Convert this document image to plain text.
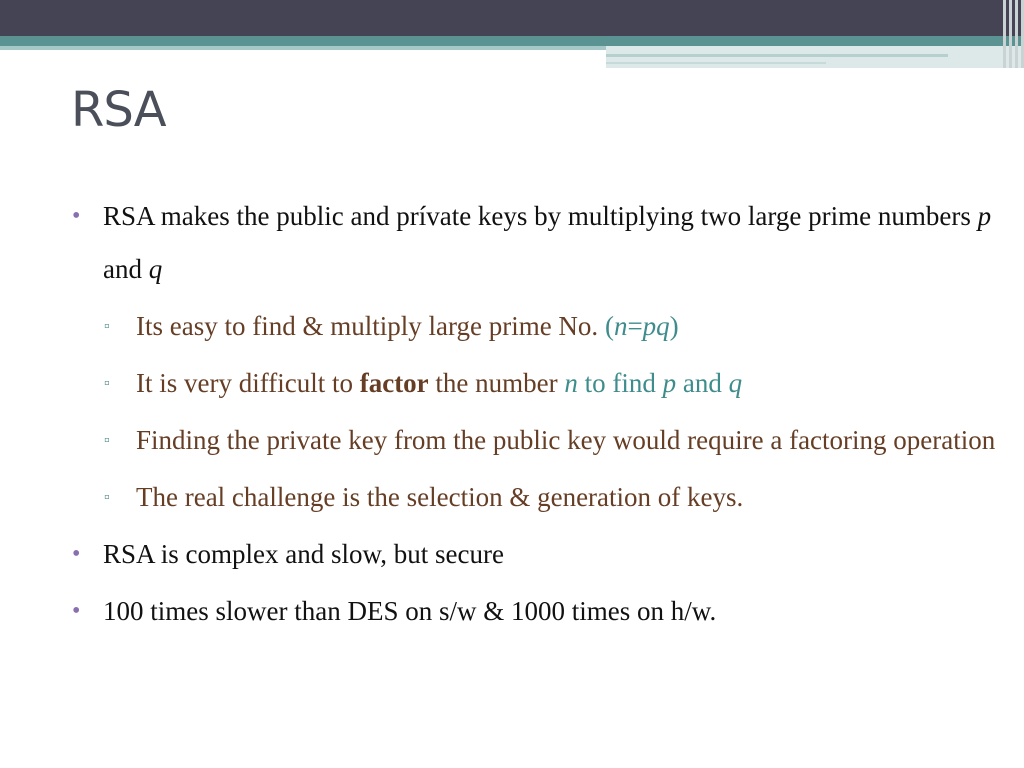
RSA
• RSA makes the public and prívate keys by multiplying two large prime numbers p and q
▫ Its easy to find & multiply large prime No. (n=pq)
▫ It is very difficult to factor the number n to find p and q
▫ Finding the private key from the public key would require a factoring operation
▫ The real challenge is the selection & generation of keys.
• RSA is complex and slow, but secure
• 100 times slower than DES on s/w & 1000 times on h/w.
